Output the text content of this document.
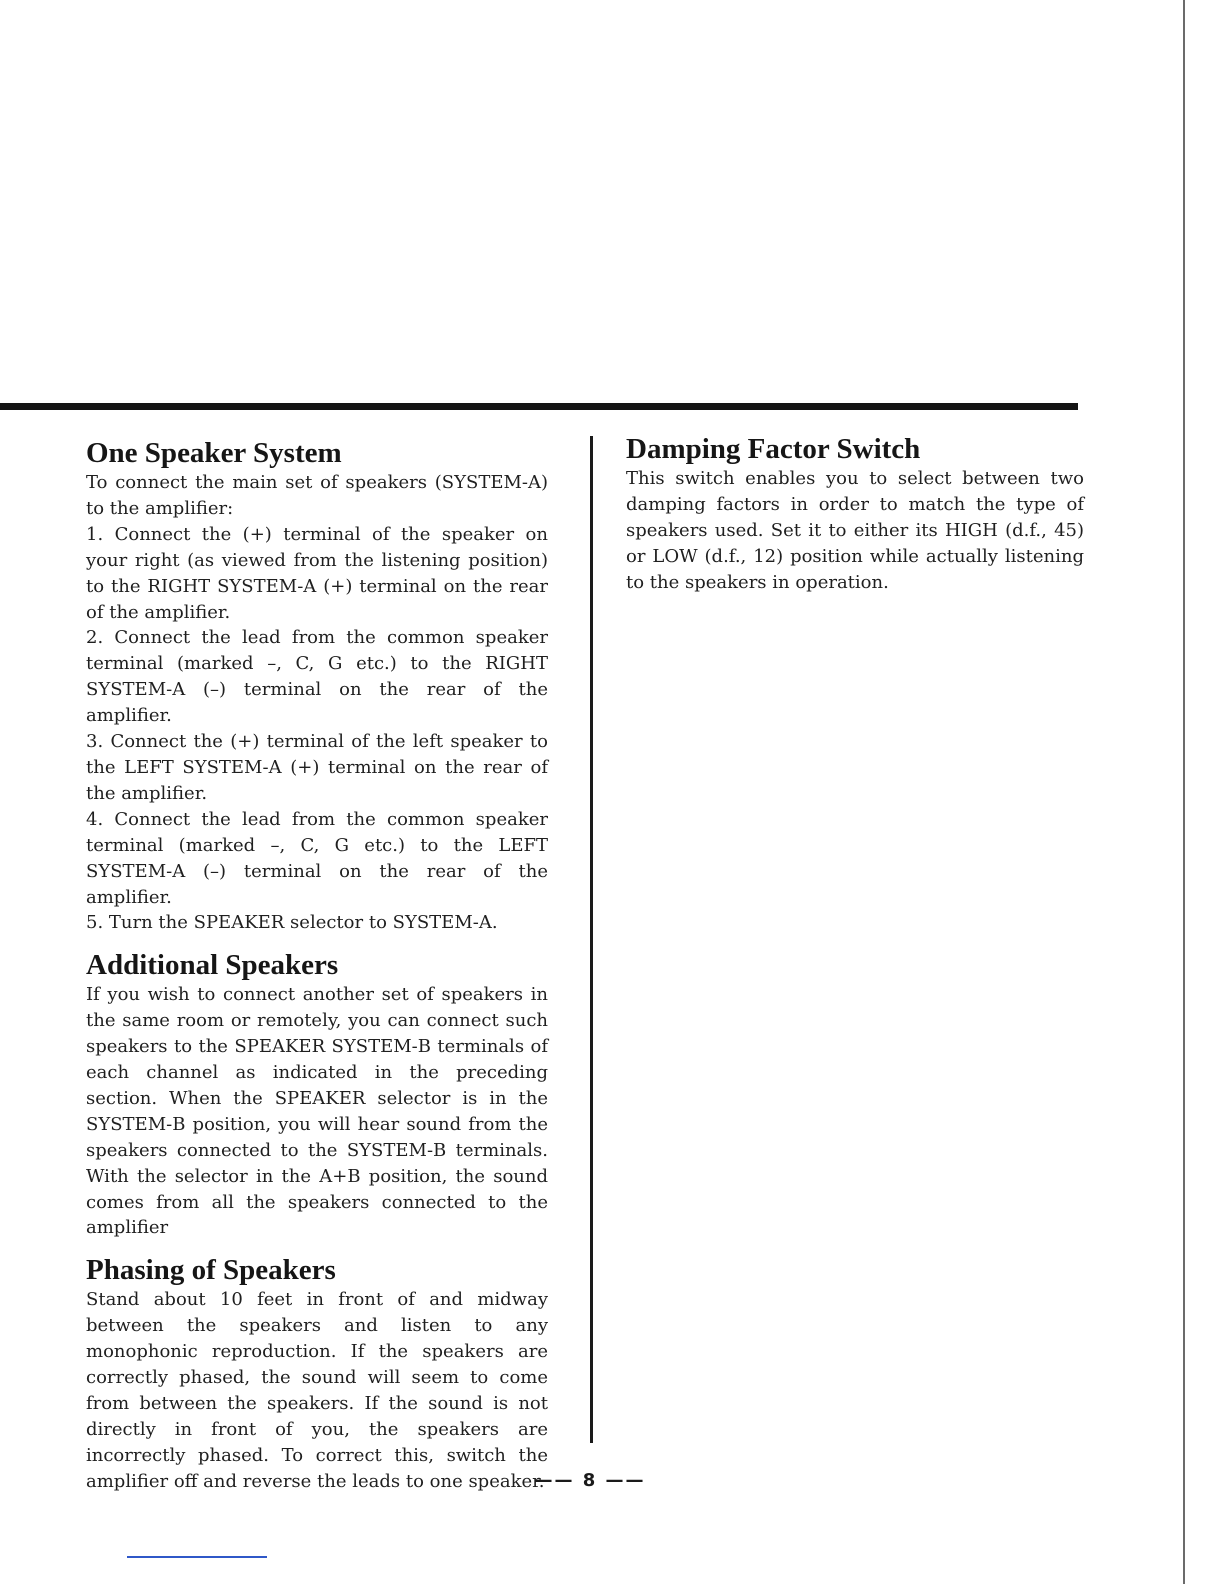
One Speaker System

To connect the main set of speakers (SYSTEM-A) to the amplifier:

1. Connect the (+) terminal of the speaker on your right (as viewed from the listening position) to the RIGHT SYSTEM-A (+) terminal on the rear of the amplifier.

2. Connect the lead from the common speaker terminal (marked –, C, G etc.) to the RIGHT SYSTEM-A (–) terminal on the rear of the amplifier.

3. Connect the (+) terminal of the left speaker to the LEFT SYSTEM-A (+) terminal on the rear of the amplifier.

4. Connect the lead from the common speaker terminal (marked –, C, G etc.) to the LEFT SYSTEM-A (–) terminal on the rear of the amplifier.

5. Turn the SPEAKER selector to SYSTEM-A.

Additional Speakers

If you wish to connect another set of speakers in the same room or remotely, you can connect such speakers to the SPEAKER SYSTEM-B terminals of each channel as indicated in the preceding section. When the SPEAKER selector is in the SYSTEM-B position, you will hear sound from the speakers connected to the SYSTEM-B terminals. With the selector in the A+B position, the sound comes from all the speakers connected to the amplifier

Phasing of Speakers

Stand about 10 feet in front of and midway between the speakers and listen to any monophonic reproduction. If the speakers are correctly phased, the sound will seem to come from between the speakers. If the sound is not directly in front of you, the speakers are incorrectly phased. To correct this, switch the amplifier off and reverse the leads to one speaker.

Damping Factor Switch

This switch enables you to select between two damping factors in order to match the type of speakers used. Set it to either its HIGH (d.f., 45) or LOW (d.f., 12) position while actually listening to the speakers in operation.

—— 8 ——
